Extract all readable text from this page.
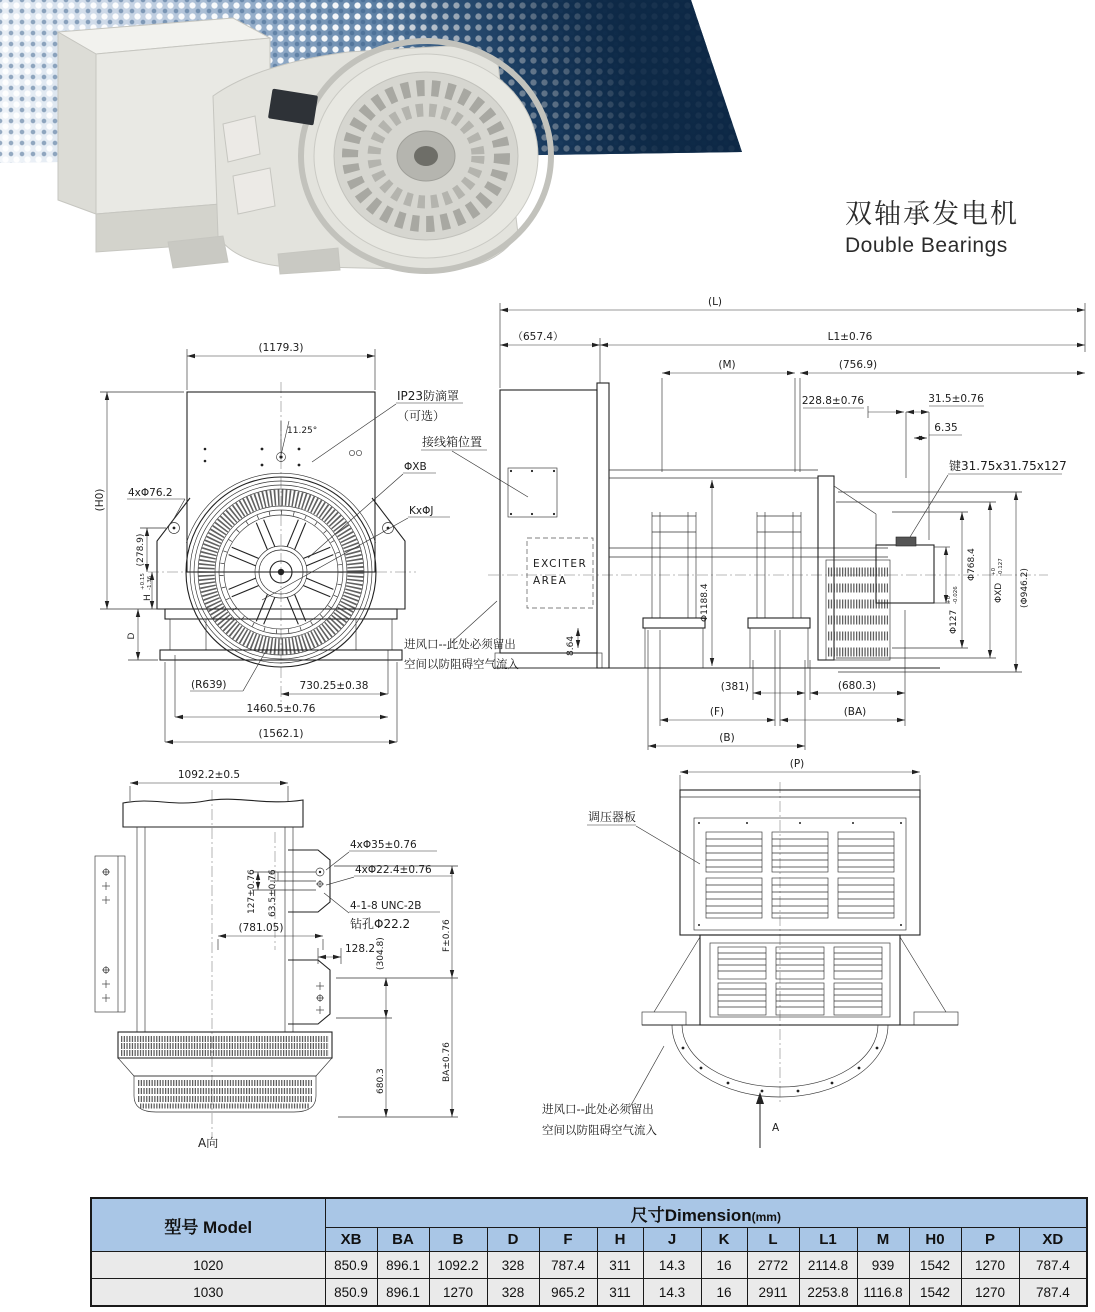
双轴承发电机
Double Bearings
11.25°
(1179.3)
(H0)
(278.9)
H
+0.15 -1.36
D
4xΦ76.2
(R639)	730.25±0.38
1460.5±0.76
(1562.1)
IP23防滴罩
（可选）
接线箱位置
ΦXB
KxΦJ
Φ1188.4
8.64
EXCITER
AREA
(L)
（657.4）	L1±0.76
(M)	(756.9)
228.8±0.76	31.5±0.76
6.35
键31.75x31.75x127
Φ127
+0 -0.026
Φ768.4
ΦXD
+0 -0.127
(Φ946.2)
(381)	(680.3)
(F)	(BA)
(B)
进风口--此处必须留出
空间以防阻碍空气流入
1092.2±0.5
127±0.76 63.5±0.76
4xΦ35±0.76
4xΦ22.4±0.76
4-1-8 UNC-2B
钻孔Φ22.2
(781.05)
128.2 (304.8)
680.3
F±0.76
BA±0.76
A向
(P)
调压器板
进风口--此处必须留出
空间以防阻碍空气流入	A
型号 Model	尺寸Dimension(mm)													
	XB	BA	B	D	F	H	J	K	L	L1	M	H0	P	XD
1020	850.9	896.1	1092.2	328	787.4	311	14.3	16	2772	2114.8	939	1542	1270	787.4
1030	850.9	896.1	1270	328	965.2	311	14.3	16	2911	2253.8	1116.8	1542	1270	787.4
